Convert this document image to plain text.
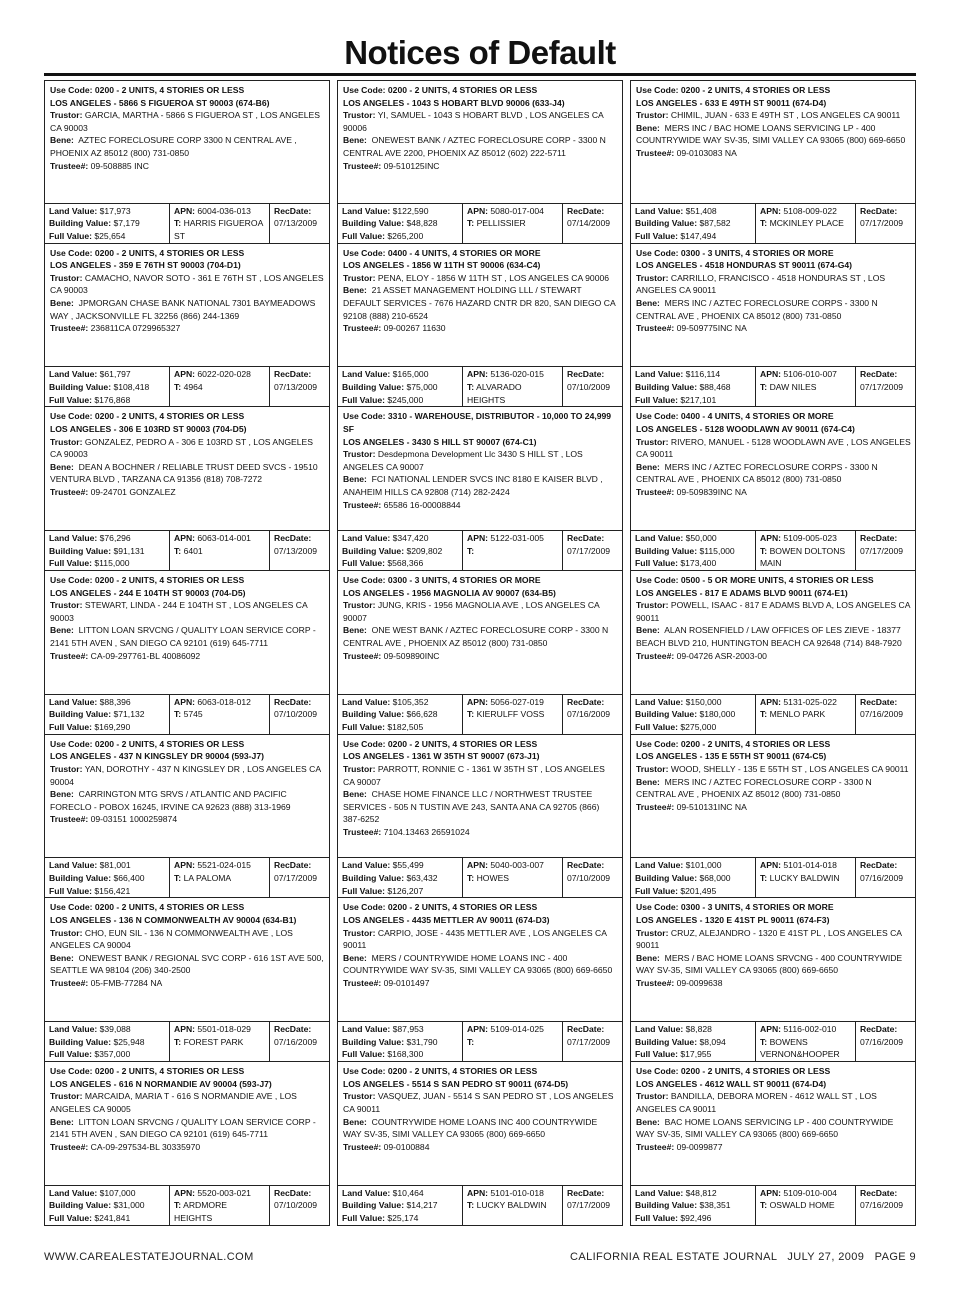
Notices of Default
Use Code: 0200 - 2 UNITS, 4 STORIES OR LESS
LOS ANGELES - 5866 S FIGUEROA ST 90003 (674-B6)
Trustor: GARCIA, MARTHA - 5866 S FIGUEROA ST , LOS ANGELES CA 90003
Bene: AZTEC FORECLOSURE CORP 3300 N CENTRAL AVE , PHOENIX AZ 85012 (800) 731-0850
Trustee#: 09-508885 INC
Land Value: $17,973
Building Value: $7,179
Full Value: $25,654
APN: 6004-036-013
T: HARRIS FIGUEROA ST
RecDate:
07/13/2009
Use Code: 0200 - 2 UNITS, 4 STORIES OR LESS
LOS ANGELES - 1043 S HOBART BLVD 90006 (633-J4)
Trustor: YI, SAMUEL - 1043 S HOBART BLVD , LOS ANGELES CA 90006
Bene: ONEWEST BANK / AZTEC FORECLOSURE CORP - 3300 N CENTRAL AVE 2200, PHOENIX AZ 85012 (602) 222-5711
Trustee#: 09-510125INC
Land Value: $122,590
Building Value: $48,828
Full Value: $265,200
APN: 5080-017-004
T: PELLISSIER
RecDate:
07/14/2009
Use Code: 0200 - 2 UNITS, 4 STORIES OR LESS
LOS ANGELES - 633 E 49TH ST 90011 (674-D4)
Trustor: CHIMIL, JUAN - 633 E 49TH ST , LOS ANGELES CA 90011
Bene: MERS INC / BAC HOME LOANS SERVICING LP - 400 COUNTRYWIDE WAY SV-35, SIMI VALLEY CA 93065 (800) 669-6650
Trustee#: 09-0103083 NA
Land Value: $51,408
Building Value: $87,582
Full Value: $147,494
APN: 5108-009-022
T: MCKINLEY PLACE
RecDate:
07/17/2009
Use Code: 0200 - 2 UNITS, 4 STORIES OR LESS
LOS ANGELES - 359 E 76TH ST 90003 (704-D1)
Trustor: CAMACHO, NAVOR SOTO - 361 E 76TH ST , LOS ANGELES CA 90003
Bene: JPMORGAN CHASE BANK NATIONAL 7301 BAYMEADOWS WAY , JACKSONVILLE FL 32256 (866) 244-1369
Trustee#: 236811CA 0729965327
Land Value: $61,797
Building Value: $108,418
Full Value: $176,868
APN: 6022-020-028
T: 4964
RecDate:
07/13/2009
Use Code: 0400 - 4 UNITS, 4 STORIES OR MORE
LOS ANGELES - 1856 W 11TH ST 90006 (634-C4)
Trustor: PENA, ELOY - 1856 W 11TH ST , LOS ANGELES CA 90006
Bene: 21 ASSET MANAGEMENT HOLDING LLL / STEWART DEFAULT SERVICES - 7676 HAZARD CNTR DR 820, SAN DIEGO CA 92108 (888) 210-6524
Trustee#: 09-00267 11630
Land Value: $165,000
Building Value: $75,000
Full Value: $245,000
APN: 5136-020-015
T: ALVARADO HEIGHTS
RecDate:
07/10/2009
Use Code: 0300 - 3 UNITS, 4 STORIES OR MORE
LOS ANGELES - 4518 HONDURAS ST 90011 (674-G4)
Trustor: CARRILLO, FRANCISCO - 4518 HONDURAS ST , LOS ANGELES CA 90011
Bene: MERS INC / AZTEC FORECLOSURE CORPS - 3300 N CENTRAL AVE , PHOENIX CA 85012 (800) 731-0850
Trustee#: 09-509775INC NA
Land Value: $116,114
Building Value: $88,468
Full Value: $217,101
APN: 5106-010-007
T: DAW NILES
RecDate:
07/17/2009
Use Code: 0200 - 2 UNITS, 4 STORIES OR LESS
LOS ANGELES - 306 E 103RD ST 90003 (704-D5)
Trustor: GONZALEZ, PEDRO A - 306 E 103RD ST , LOS ANGELES CA 90003
Bene: DEAN A BOCHNER / RELIABLE TRUST DEED SVCS - 19510 VENTURA BLVD , TARZANA CA 91356 (818) 708-7272
Trustee#: 09-24701 GONZALEZ
Land Value: $76,296
Building Value: $91,131
Full Value: $115,000
APN: 6063-014-001
T: 6401
RecDate:
07/13/2009
Use Code: 3310 - WAREHOUSE, DISTRIBUTOR - 10,000 TO 24,999 SF
LOS ANGELES - 3430 S HILL ST 90007 (674-C1)
Trustor: Desdepmona Development Llc 3430 S HILL ST , LOS ANGELES CA 90007
Bene: FCI NATIONAL LENDER SVCS INC 8180 E KAISER BLVD , ANAHEIM HILLS CA 92808 (714) 282-2424
Trustee#: 65586 16-00008844
Land Value: $347,420
Building Value: $209,802
Full Value: $568,366
APN: 5122-031-005
T:
RecDate:
07/17/2009
Use Code: 0400 - 4 UNITS, 4 STORIES OR MORE
LOS ANGELES - 5128 WOODLAWN AV 90011 (674-C4)
Trustor: RIVERO, MANUEL - 5128 WOODLAWN AVE , LOS ANGELES CA 90011
Bene: MERS INC / AZTEC FORECLOSURE CORPS - 3300 N CENTRAL AVE , PHOENIX CA 85012 (800) 731-0850
Trustee#: 09-509839INC NA
Land Value: $50,000
Building Value: $115,000
Full Value: $173,400
APN: 5109-005-023
T: BOWEN DOLTONS MAIN
RecDate:
07/17/2009
Use Code: 0200 - 2 UNITS, 4 STORIES OR LESS
LOS ANGELES - 244 E 104TH ST 90003 (704-D5)
Trustor: STEWART, LINDA - 244 E 104TH ST , LOS ANGELES CA 90003
Bene: LITTON LOAN SRVCNG / QUALITY LOAN SERVICE CORP - 2141 5TH AVEN , SAN DIEGO CA 92101 (619) 645-7711
Trustee#: CA-09-297761-BL 40086092
Land Value: $88,396
Building Value: $71,132
Full Value: $169,290
APN: 6063-018-012
T: 5745
RecDate:
07/10/2009
Use Code: 0300 - 3 UNITS, 4 STORIES OR MORE
LOS ANGELES - 1956 MAGNOLIA AV 90007 (634-B5)
Trustor: JUNG, KRIS - 1956 MAGNOLIA AVE , LOS ANGELES CA 90007
Bene: ONE WEST BANK / AZTEC FORECLOSURE CORP - 3300 N CENTRAL AVE , PHOENIX AZ 85012 (800) 731-0850
Trustee#: 09-509890INC
Land Value: $105,352
Building Value: $66,628
Full Value: $182,505
APN: 5056-027-019
T: KIERULFF VOSS
RecDate:
07/16/2009
Use Code: 0500 - 5 OR MORE UNITS, 4 STORIES OR LESS
LOS ANGELES - 817 E ADAMS BLVD 90011 (674-E1)
Trustor: POWELL, ISAAC - 817 E ADAMS BLVD A, LOS ANGELES CA 90011
Bene: ALAN ROSENFIELD / LAW OFFICES OF LES ZIEVE - 18377 BEACH BLVD 210, HUNTINGTON BEACH CA 92648 (714) 848-7920
Trustee#: 09-04726 ASR-2003-00
Land Value: $150,000
Building Value: $180,000
Full Value: $275,000
APN: 5131-025-022
T: MENLO PARK
RecDate:
07/16/2009
Use Code: 0200 - 2 UNITS, 4 STORIES OR LESS
LOS ANGELES - 437 N KINGSLEY DR 90004 (593-J7)
Trustor: YAN, DOROTHY - 437 N KINGSLEY DR , LOS ANGELES CA 90004
Bene: CARRINGTON MTG SRVS / ATLANTIC AND PACIFIC FORECLO - POBOX 16245, IRVINE CA 92623 (888) 313-1969
Trustee#: 09-03151 1000259874
Land Value: $81,001
Building Value: $66,400
Full Value: $156,421
APN: 5521-024-015
T: LA PALOMA
RecDate:
07/17/2009
Use Code: 0200 - 2 UNITS, 4 STORIES OR LESS
LOS ANGELES - 1361 W 35TH ST 90007 (673-J1)
Trustor: PARROTT, RONNIE C - 1361 W 35TH ST , LOS ANGELES CA 90007
Bene: CHASE HOME FINANCE LLC / NORTHWEST TRUSTEE SERVICES - 505 N TUSTIN AVE 243, SANTA ANA CA 92705 (866) 387-6252
Trustee#: 7104.13463 26591024
Land Value: $55,499
Building Value: $63,432
Full Value: $126,207
APN: 5040-003-007
T: HOWES
RecDate:
07/10/2009
Use Code: 0200 - 2 UNITS, 4 STORIES OR LESS
LOS ANGELES - 135 E 55TH ST 90011 (674-C5)
Trustor: WOOD, SHELLY - 135 E 55TH ST , LOS ANGELES CA 90011
Bene: MERS INC / AZTEC FORECLOSURE CORP - 3300 N CENTRAL AVE , PHOENIX AZ 85012 (800) 731-0850
Trustee#: 09-510131INC NA
Land Value: $101,000
Building Value: $68,000
Full Value: $201,495
APN: 5101-014-018
T: LUCKY BALDWIN
RecDate:
07/16/2009
Use Code: 0200 - 2 UNITS, 4 STORIES OR LESS
LOS ANGELES - 136 N COMMONWEALTH AV 90004 (634-B1)
Trustor: CHO, EUN SIL - 136 N COMMONWEALTH AVE , LOS ANGELES CA 90004
Bene: ONEWEST BANK / REGIONAL SVC CORP - 616 1ST AVE 500, SEATTLE WA 98104 (206) 340-2500
Trustee#: 05-FMB-77284 NA
Land Value: $39,088
Building Value: $25,948
Full Value: $357,000
APN: 5501-018-029
T: FOREST PARK
RecDate:
07/16/2009
Use Code: 0200 - 2 UNITS, 4 STORIES OR LESS
LOS ANGELES - 4435 METTLER AV 90011 (674-D3)
Trustor: CARPIO, JOSE - 4435 METTLER AVE , LOS ANGELES CA 90011
Bene: MERS / COUNTRYWIDE HOME LOANS INC - 400 COUNTRYWIDE WAY SV-35, SIMI VALLEY CA 93065 (800) 669-6650
Trustee#: 09-0101497
Land Value: $87,953
Building Value: $31,790
Full Value: $168,300
APN: 5109-014-025
T:
RecDate:
07/17/2009
Use Code: 0300 - 3 UNITS, 4 STORIES OR MORE
LOS ANGELES - 1320 E 41ST PL 90011 (674-F3)
Trustor: CRUZ, ALEJANDRO - 1320 E 41ST PL , LOS ANGELES CA 90011
Bene: MERS / BAC HOME LOANS SRVCNG - 400 COUNTRYWIDE WAY SV-35, SIMI VALLEY CA 93065 (800) 669-6650
Trustee#: 09-0099638
Land Value: $8,828
Building Value: $8,094
Full Value: $17,955
APN: 5116-002-010
T: BOWENS VERNON&HOOPER
RecDate:
07/16/2009
Use Code: 0200 - 2 UNITS, 4 STORIES OR LESS
LOS ANGELES - 616 N NORMANDIE AV 90004 (593-J7)
Trustor: MARCAIDA, MARIA T - 616 S NORMANDIE AVE , LOS ANGELES CA 90005
Bene: LITTON LOAN SRVCNG / QUALITY LOAN SERVICE CORP - 2141 5TH AVEN , SAN DIEGO CA 92101 (619) 645-7711
Trustee#: CA-09-297534-BL 30335970
Land Value: $107,000
Building Value: $31,000
Full Value: $241,841
APN: 5520-003-021
T: ARDMORE HEIGHTS
RecDate:
07/10/2009
Use Code: 0200 - 2 UNITS, 4 STORIES OR LESS
LOS ANGELES - 5514 S SAN PEDRO ST 90011 (674-D5)
Trustor: VASQUEZ, JUAN - 5514 S SAN PEDRO ST , LOS ANGELES CA 90011
Bene: COUNTRYWIDE HOME LOANS INC 400 COUNTRYWIDE WAY SV-35, SIMI VALLEY CA 93065 (800) 669-6650
Trustee#: 09-0100884
Land Value: $10,464
Building Value: $14,217
Full Value: $25,174
APN: 5101-010-018
T: LUCKY BALDWIN
RecDate:
07/17/2009
Use Code: 0200 - 2 UNITS, 4 STORIES OR LESS
LOS ANGELES - 4612 WALL ST 90011 (674-D4)
Trustor: BANDILLA, DEBORA MOREN - 4612 WALL ST , LOS ANGELES CA 90011
Bene: BAC HOME LOANS SERVICING LP - 400 COUNTRYWIDE WAY SV-35, SIMI VALLEY CA 93065 (800) 669-6650
Trustee#: 09-0099877
Land Value: $48,812
Building Value: $38,351
Full Value: $92,496
APN: 5109-010-004
T: OSWALD HOME
RecDate:
07/16/2009
WWW.CAREALESTATEJOURNAL.COM	CALIFORNIA REAL ESTATE JOURNAL   JULY 27, 2009   PAGE 9
